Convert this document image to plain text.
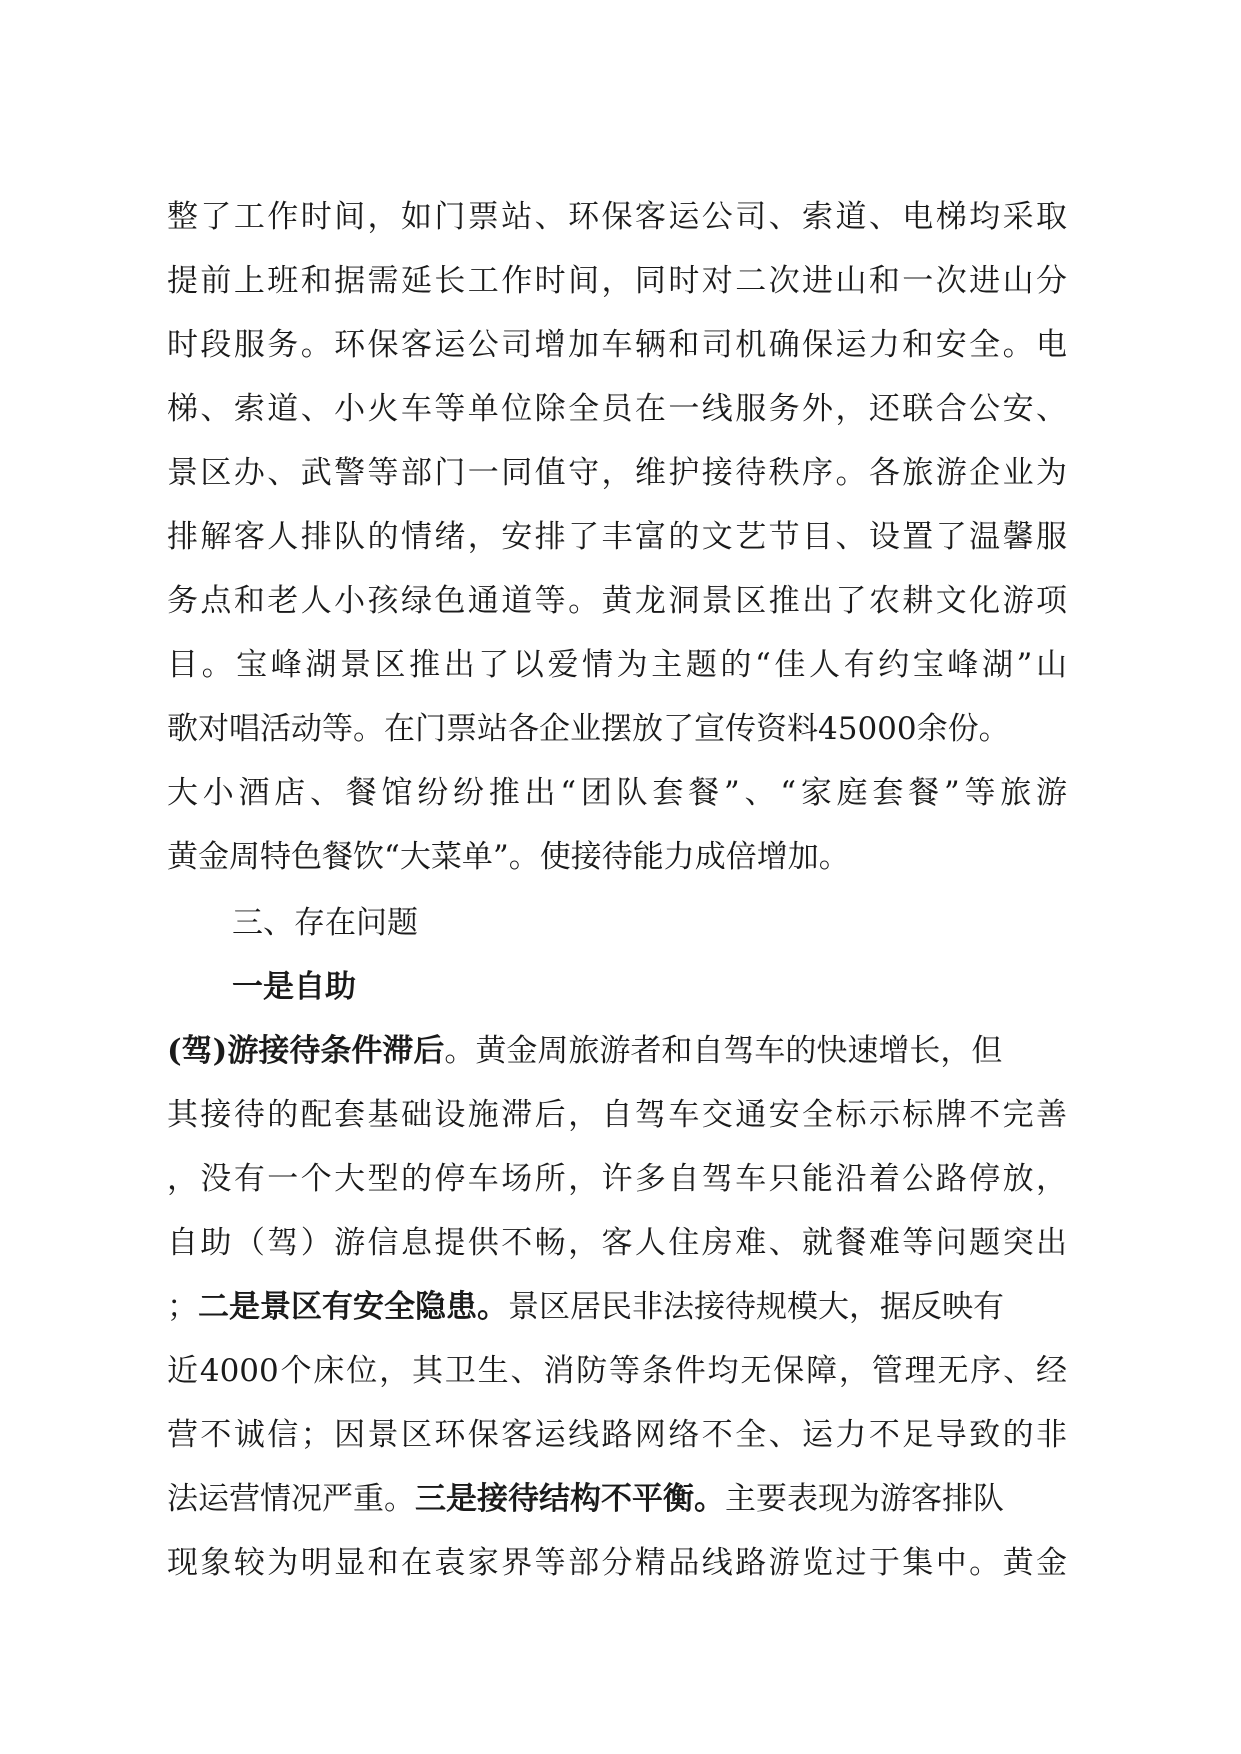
整了工作时间，如门票站、环保客运公司、索道、电梯均采取
提前上班和据需延长工作时间，同时对二次进山和一次进山分
时段服务。环保客运公司增加车辆和司机确保运力和安全。电
梯、索道、小火车等单位除全员在一线服务外，还联合公安、
景区办、武警等部门一同值守，维护接待秩序。各旅游企业为
排解客人排队的情绪，安排了丰富的文艺节目、设置了温馨服
务点和老人小孩绿色通道等。黄龙洞景区推出了农耕文化游项
目。宝峰湖景区推出了以爱情为主题的“佳人有约宝峰湖”山
歌对唱活动等。在门票站各企业摆放了宣传资料45000余份。
大小酒店、餐馆纷纷推出“团队套餐”、“家庭套餐”等旅游
黄金周特色餐饮“大菜单”。使接待能力成倍增加。
三、存在问题
一是自助
(驾)游接待条件滞后。黄金周旅游者和自驾车的快速增长，但
其接待的配套基础设施滞后，自驾车交通安全标示标牌不完善
，没有一个大型的停车场所，许多自驾车只能沿着公路停放，
自助（驾）游信息提供不畅，客人住房难、就餐难等问题突出
；二是景区有安全隐患。景区居民非法接待规模大，据反映有
近4000个床位，其卫生、消防等条件均无保障，管理无序、经
营不诚信；因景区环保客运线路网络不全、运力不足导致的非
法运营情况严重。三是接待结构不平衡。主要表现为游客排队
现象较为明显和在袁家界等部分精品线路游览过于集中。黄金
